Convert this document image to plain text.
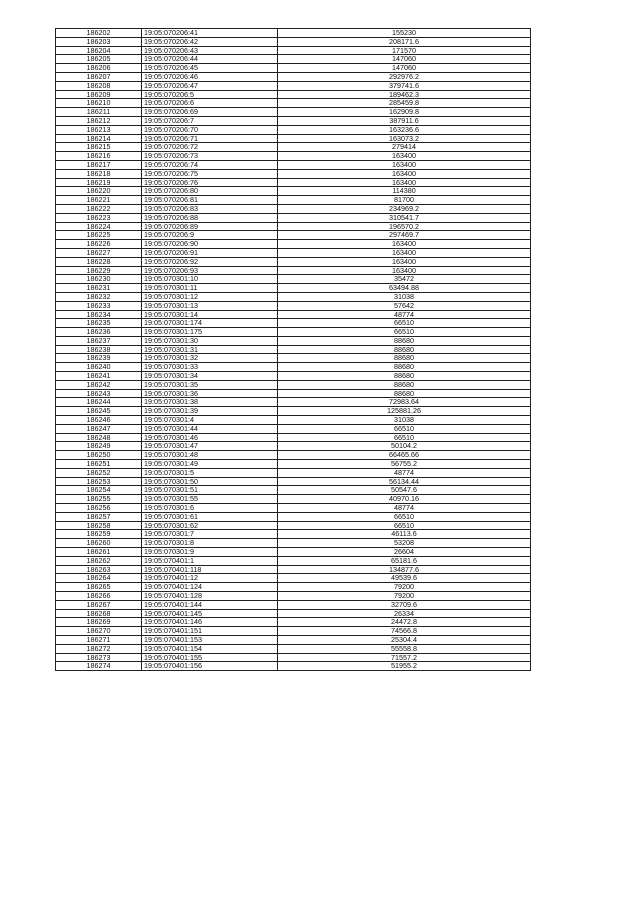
186202	19:05:070206:41	155230
186203	19:05:070206:42	208171.6
186204	19:05:070206:43	171570
186205	19:05:070206:44	147060
186206	19:05:070206:45	147060
186207	19:05:070206:46	292976.2
186208	19:05:070206:47	379741.6
186209	19:05:070206:5	189462.3
186210	19:05:070206:6	285459.8
186211	19:05:070206:69	162909.8
186212	19:05:070206:7	387911.6
186213	19:05:070206:70	163236.6
186214	19:05:070206:71	163073.2
186215	19:05:070206:72	279414
186216	19:05:070206:73	163400
186217	19:05:070206:74	163400
186218	19:05:070206:75	163400
186219	19:05:070206:76	163400
186220	19:05:070206:80	114380
186221	19:05:070206:81	81700
186222	19:05:070206:83	234969.2
186223	19:05:070206:88	310541.7
186224	19:05:070206:89	196570.2
186225	19:05:070206:9	297469.7
186226	19:05:070206:90	163400
186227	19:05:070206:91	163400
186228	19:05:070206:92	163400
186229	19:05:070206:93	163400
186230	19:05:070301:10	35472
186231	19:05:070301:11	63494.88
186232	19:05:070301:12	31038
186233	19:05:070301:13	57642
186234	19:05:070301:14	48774
186235	19:05:070301:174	66510
186236	19:05:070301:175	66510
186237	19:05:070301:30	88680
186238	19:05:070301:31	88680
186239	19:05:070301:32	88680
186240	19:05:070301:33	88680
186241	19:05:070301:34	88680
186242	19:05:070301:35	88680
186243	19:05:070301:36	88680
186244	19:05:070301:38	72983.64
186245	19:05:070301:39	125881.26
186246	19:05:070301:4	31038
186247	19:05:070301:44	66510
186248	19:05:070301:46	66510
186249	19:05:070301:47	50104.2
186250	19:05:070301:48	66465.66
186251	19:05:070301:49	56755.2
186252	19:05:070301:5	48774
186253	19:05:070301:50	56134.44
186254	19:05:070301:51	50547.6
186255	19:05:070301:55	40970.16
186256	19:05:070301:6	48774
186257	19:05:070301:61	66510
186258	19:05:070301:62	66510
186259	19:05:070301:7	46113.6
186260	19:05:070301:8	53208
186261	19:05:070301:9	26604
186262	19:05:070401:1	65181.6
186263	19:05:070401:118	134877.6
186264	19:05:070401:12	49539.6
186265	19:05:070401:124	79200
186266	19:05:070401:128	79200
186267	19:05:070401:144	32709.6
186268	19:05:070401:145	26334
186269	19:05:070401:146	24472.8
186270	19:05:070401:151	74566.8
186271	19:05:070401:153	25304.4
186272	19:05:070401:154	55558.8
186273	19:05:070401:155	71557.2
186274	19:05:070401:156	51955.2
